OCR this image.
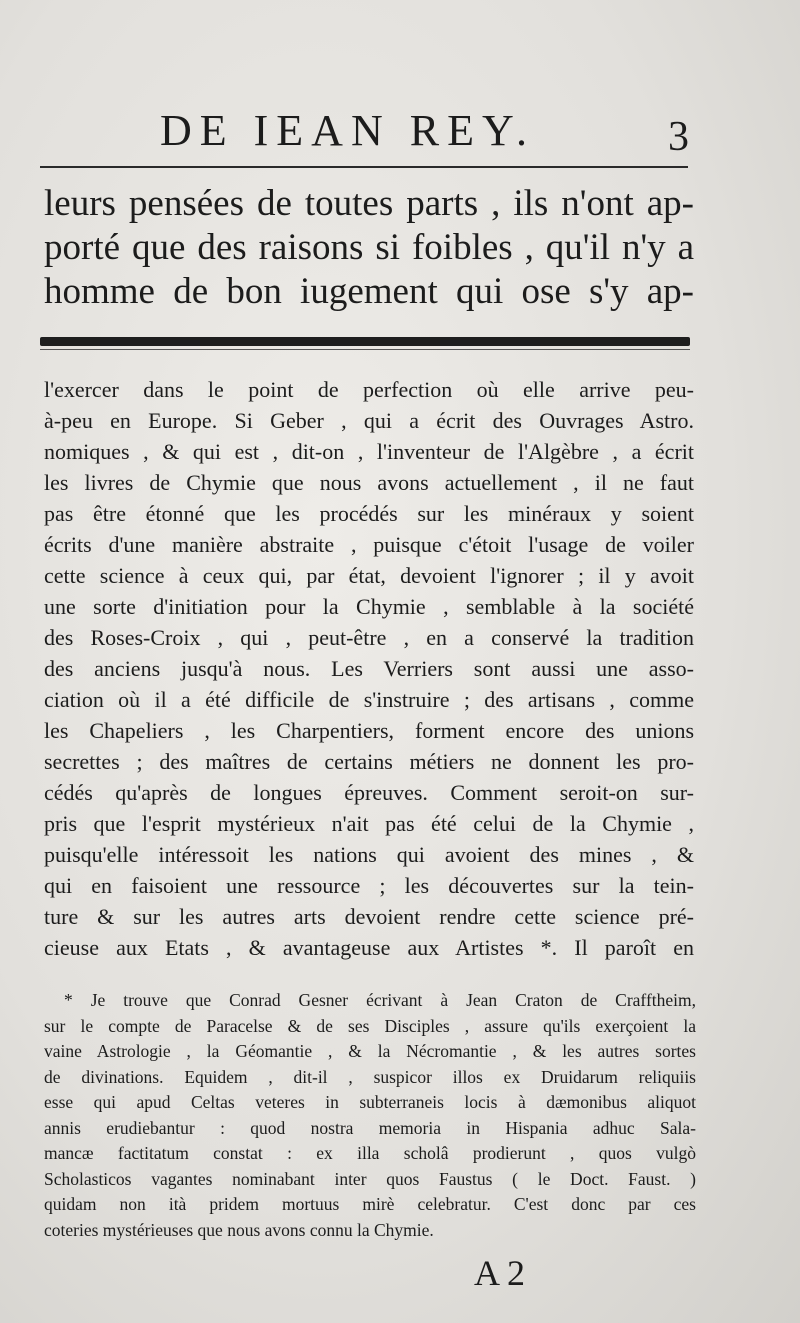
DE IEAN REY.	3
leurs pensées de toutes parts , ils n'ont ap-
porté que des raisons si foibles , qu'il n'y a
homme de bon iugement qui ose s'y ap-
l'exercer dans le point de perfection où elle arrive peu-
à-peu en Europe. Si Geber , qui a écrit des Ouvrages Astro.
nomiques , & qui est , dit-on , l'inventeur de l'Algèbre , a écrit
les livres de Chymie que nous avons actuellement , il ne faut
pas être étonné que les procédés sur les minéraux y soient
écrits d'une manière abstraite , puisque c'étoit l'usage de voiler
cette science à ceux qui, par état, devoient l'ignorer ; il y avoit
une sorte d'initiation pour la Chymie , semblable à la société
des Roses-Croix , qui , peut-être , en a conservé la tradition
des anciens jusqu'à nous. Les Verriers sont aussi une asso-
ciation où il a été difficile de s'instruire ; des artisans , comme
les Chapeliers , les Charpentiers, forment encore des unions
secrettes ; des maîtres de certains métiers ne donnent les pro-
cédés qu'après de longues épreuves. Comment seroit-on sur-
pris que l'esprit mystérieux n'ait pas été celui de la Chymie ,
puisqu'elle intéressoit les nations qui avoient des mines , &
qui en faisoient une ressource ; les découvertes sur la tein-
ture & sur les autres arts devoient rendre cette science pré-
cieuse aux Etats , & avantageuse aux Artistes *. Il paroît en
* Je trouve que Conrad Gesner écrivant à Jean Craton de Crafftheim,
sur le compte de Paracelse & de ses Disciples , assure qu'ils exerçoient la
vaine Astrologie , la Géomantie , & la Nécromantie , & les autres sortes
de divinations. Equidem , dit-il , suspicor illos ex Druidarum reliquiis
esse qui apud Celtas veteres in subterraneis locis à dæmonibus aliquot
annis erudiebantur : quod nostra memoria in Hispania adhuc Sala-
mancæ factitatum constat : ex illa scholâ prodierunt , quos vulgò
Scholasticos vagantes nominabant inter quos Faustus ( le Doct. Faust. )
quidam non ità pridem mortuus mirè celebratur. C'est donc par ces
coteries mystérieuses que nous avons connu la Chymie.
A 2
